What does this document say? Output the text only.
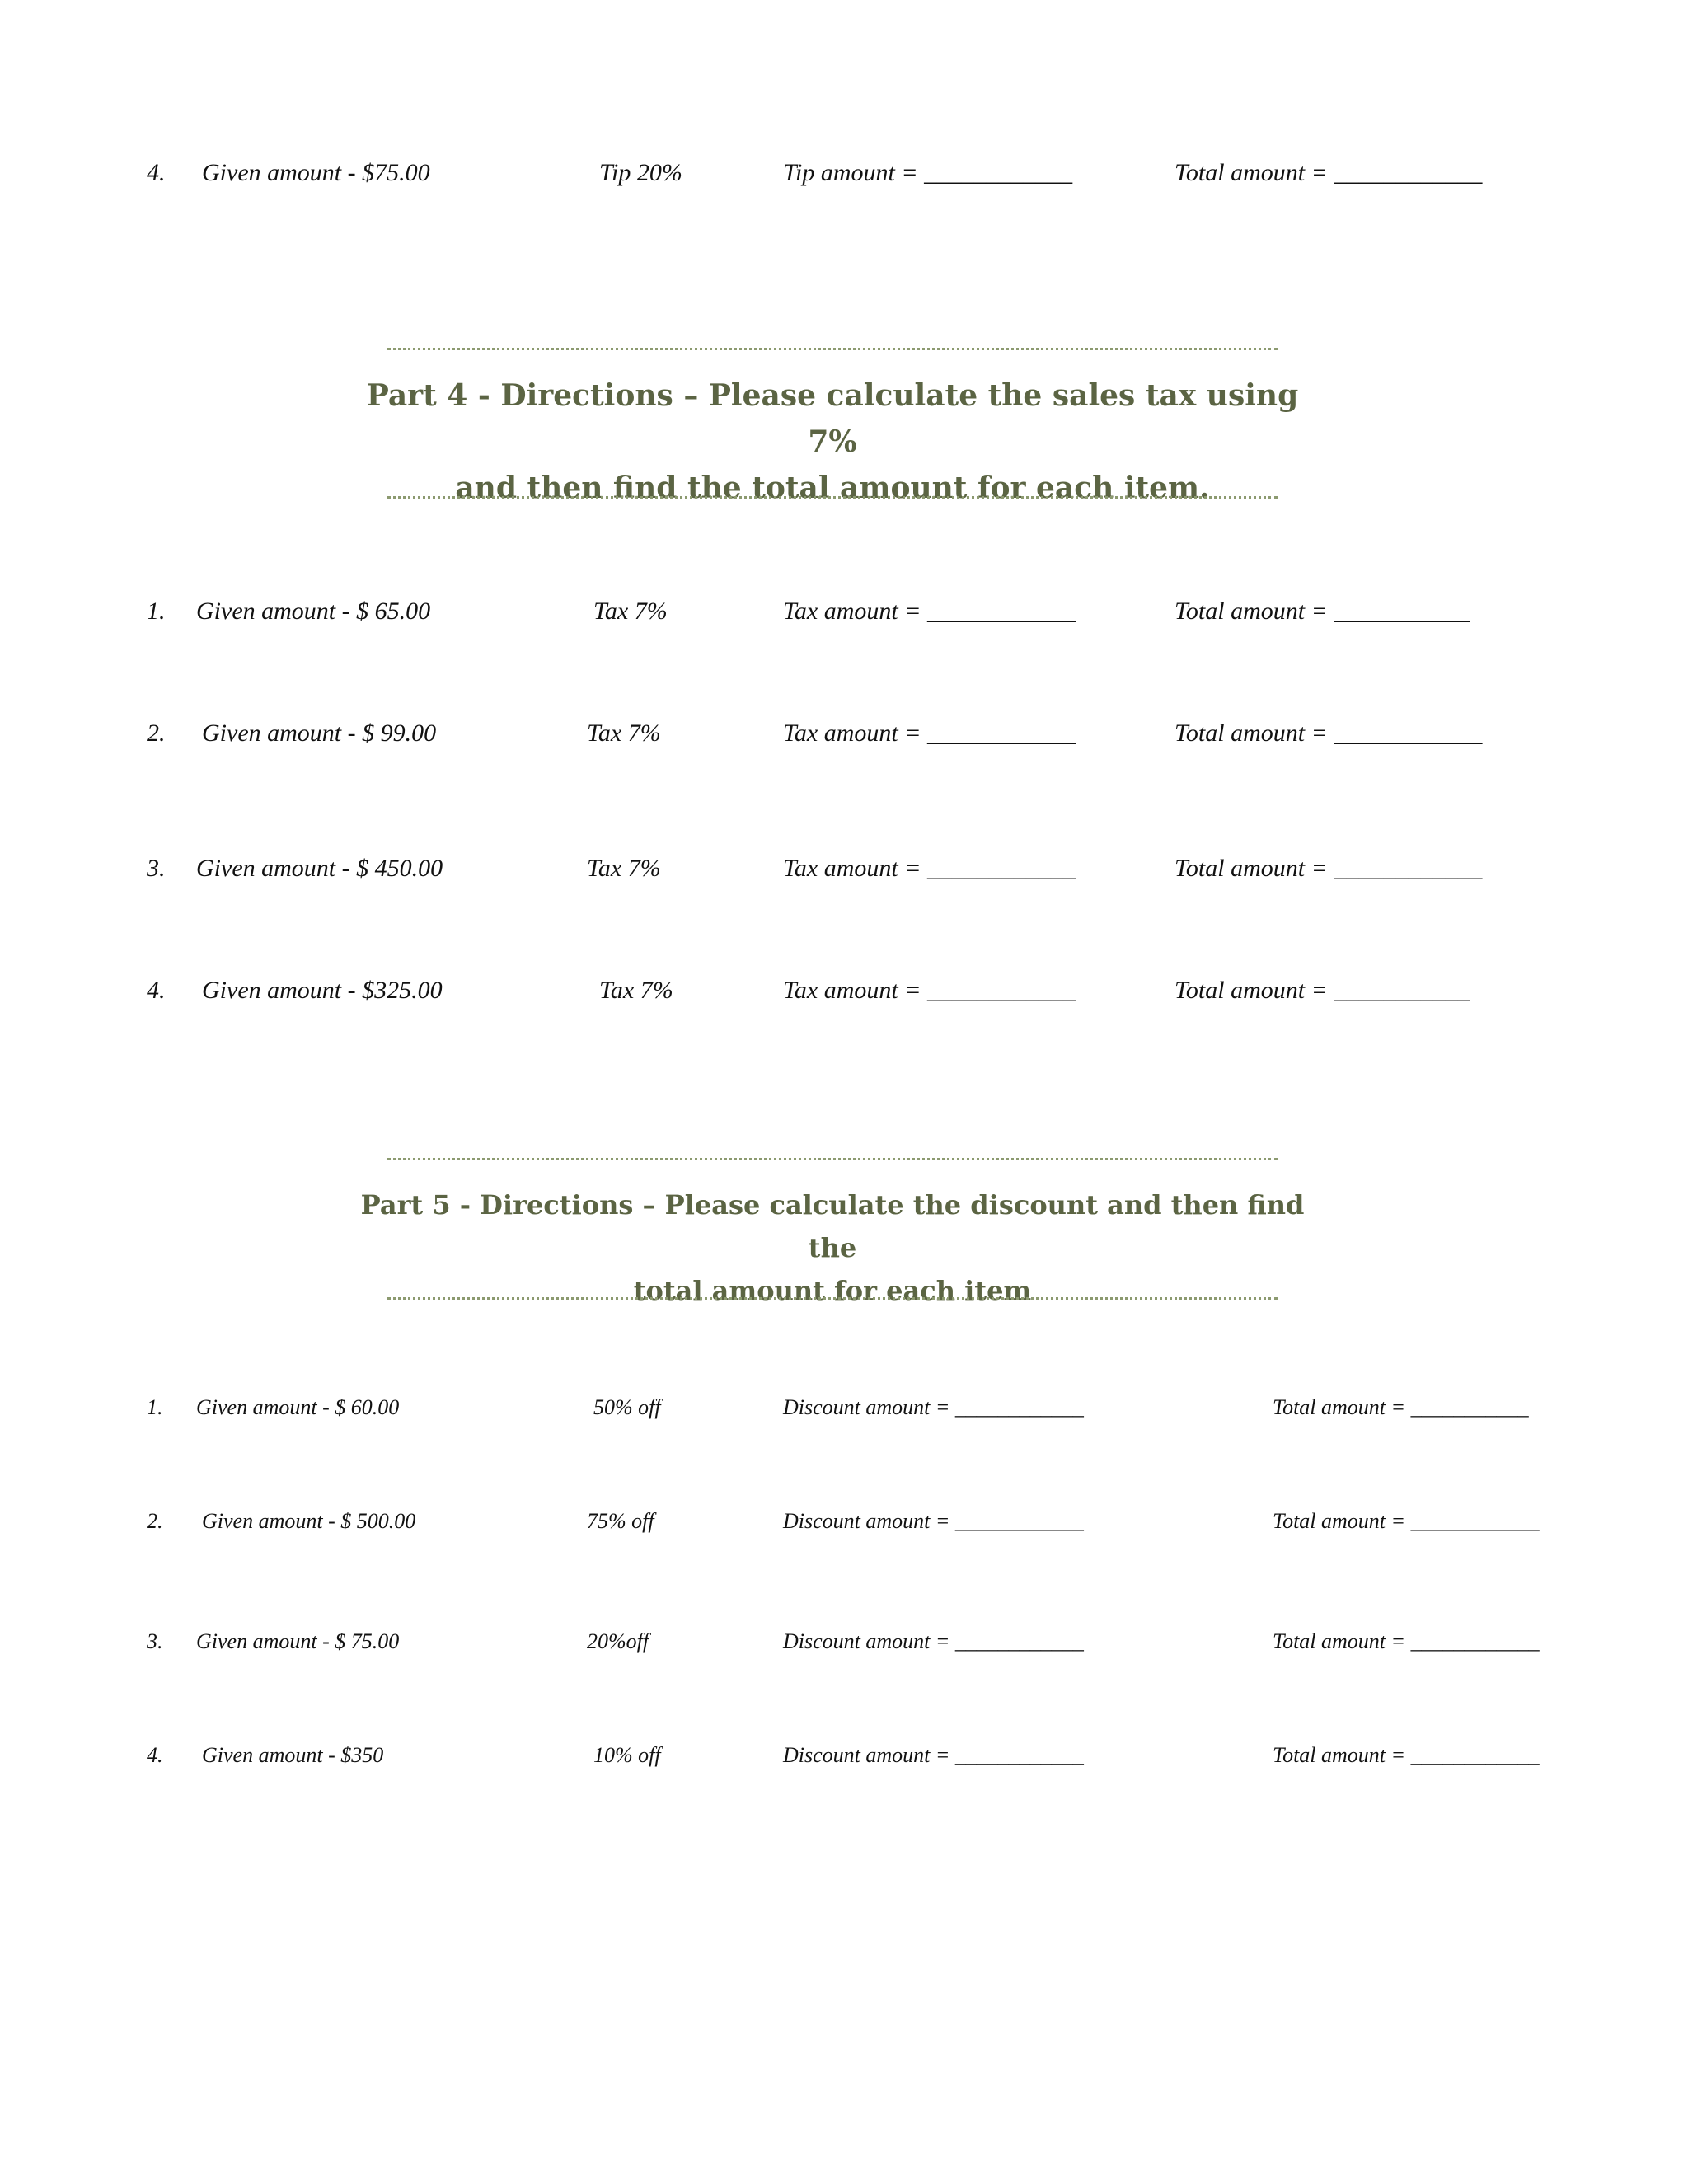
4. Given amount - $75.00	Tip 20%	Tip amount = ____________	Total amount = ____________
Part 4 - Directions – Please calculate the sales tax using 7%
and then find the total amount for each item.
1. Given amount - $ 65.00	Tax 7%	Tax amount = ____________	Total amount = ___________
2. Given amount - $ 99.00	Tax 7%	Tax amount = ____________	Total amount = ____________
3. Given amount - $ 450.00	Tax 7%	Tax amount = ____________	Total amount = ____________
4. Given amount - $325.00	Tax 7%	Tax amount = ____________	Total amount = ___________
Part 5 - Directions – Please calculate the discount and then find the
total amount for each item
1. Given amount - $ 60.00	50% off	Discount amount = ____________	Total amount = ___________
2. Given amount - $ 500.00	75% off	Discount amount = ____________	Total amount = ____________
3. Given amount - $ 75.00	20%off	Discount amount = ____________	Total amount = ____________
4. Given amount - $350	10% off	Discount amount = ____________	Total amount = ____________
